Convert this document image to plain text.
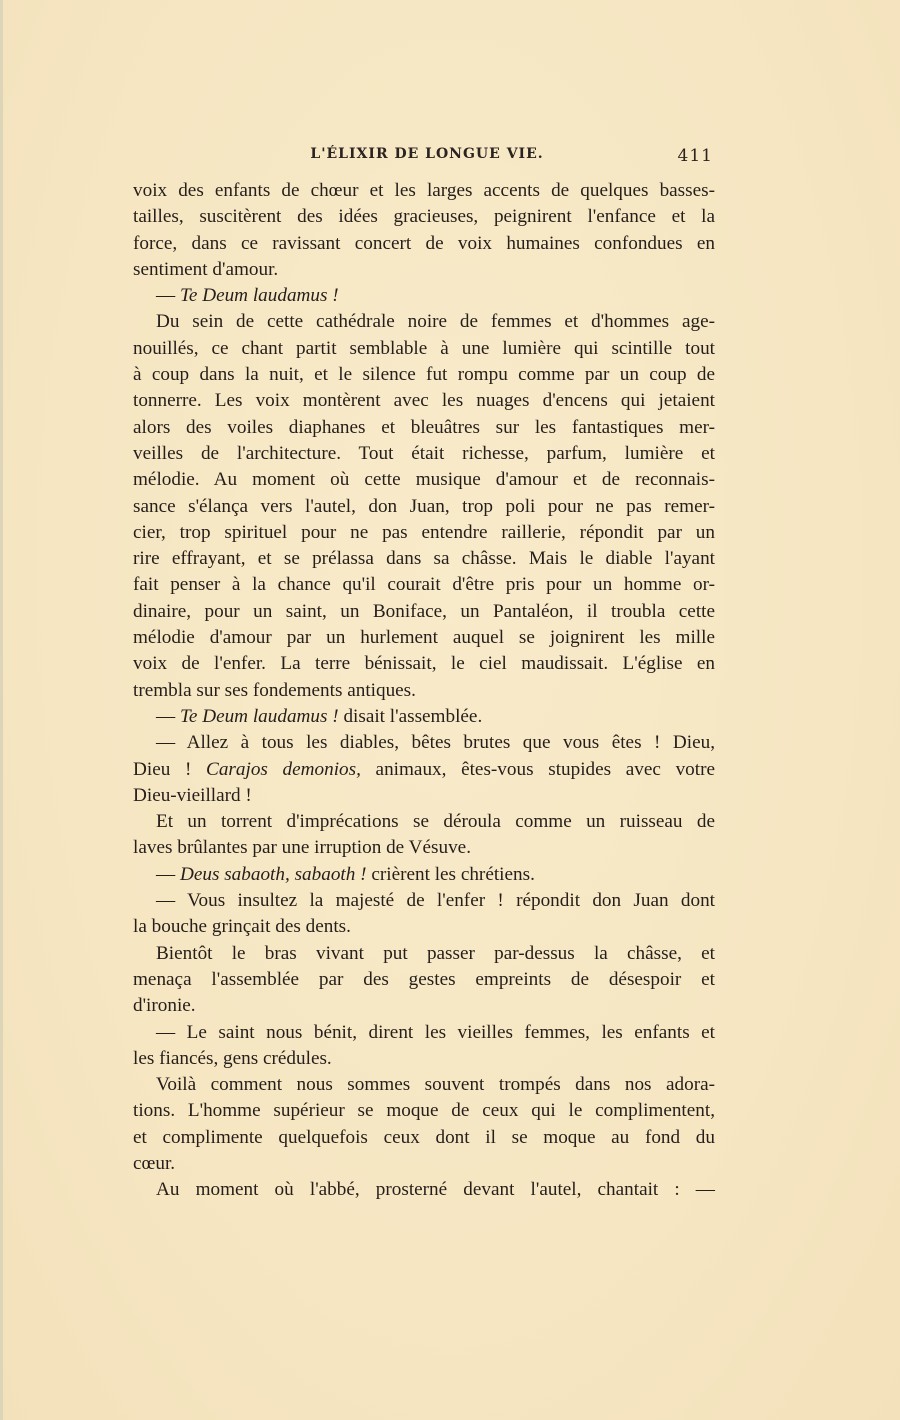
L'ÉLIXIR DE LONGUE VIE.	411
voix des enfants de chœur et les larges accents de quelques basses-
tailles, suscitèrent des idées gracieuses, peignirent l'enfance et la
force, dans ce ravissant concert de voix humaines confondues en
sentiment d'amour.
— Te Deum laudamus !
Du sein de cette cathédrale noire de femmes et d'hommes age-
nouillés, ce chant partit semblable à une lumière qui scintille tout
à coup dans la nuit, et le silence fut rompu comme par un coup de
tonnerre. Les voix montèrent avec les nuages d'encens qui jetaient
alors des voiles diaphanes et bleuâtres sur les fantastiques mer-
veilles de l'architecture. Tout était richesse, parfum, lumière et
mélodie. Au moment où cette musique d'amour et de reconnais-
sance s'élança vers l'autel, don Juan, trop poli pour ne pas remer-
cier, trop spirituel pour ne pas entendre raillerie, répondit par un
rire effrayant, et se prélassa dans sa châsse. Mais le diable l'ayant
fait penser à la chance qu'il courait d'être pris pour un homme or-
dinaire, pour un saint, un Boniface, un Pantaléon, il troubla cette
mélodie d'amour par un hurlement auquel se joignirent les mille
voix de l'enfer. La terre bénissait, le ciel maudissait. L'église en
trembla sur ses fondements antiques.
— Te Deum laudamus ! disait l'assemblée.
— Allez à tous les diables, bêtes brutes que vous êtes ! Dieu,
Dieu ! Carajos demonios, animaux, êtes-vous stupides avec votre
Dieu-vieillard !
Et un torrent d'imprécations se déroula comme un ruisseau de
laves brûlantes par une irruption de Vésuve.
— Deus sabaoth, sabaoth ! crièrent les chrétiens.
— Vous insultez la majesté de l'enfer ! répondit don Juan dont
la bouche grinçait des dents.
Bientôt le bras vivant put passer par-dessus la châsse, et
menaça l'assemblée par des gestes empreints de désespoir et
d'ironie.
— Le saint nous bénit, dirent les vieilles femmes, les enfants et
les fiancés, gens crédules.
Voilà comment nous sommes souvent trompés dans nos adora-
tions. L'homme supérieur se moque de ceux qui le complimentent,
et complimente quelquefois ceux dont il se moque au fond du
cœur.
Au moment où l'abbé, prosterné devant l'autel, chantait : —
